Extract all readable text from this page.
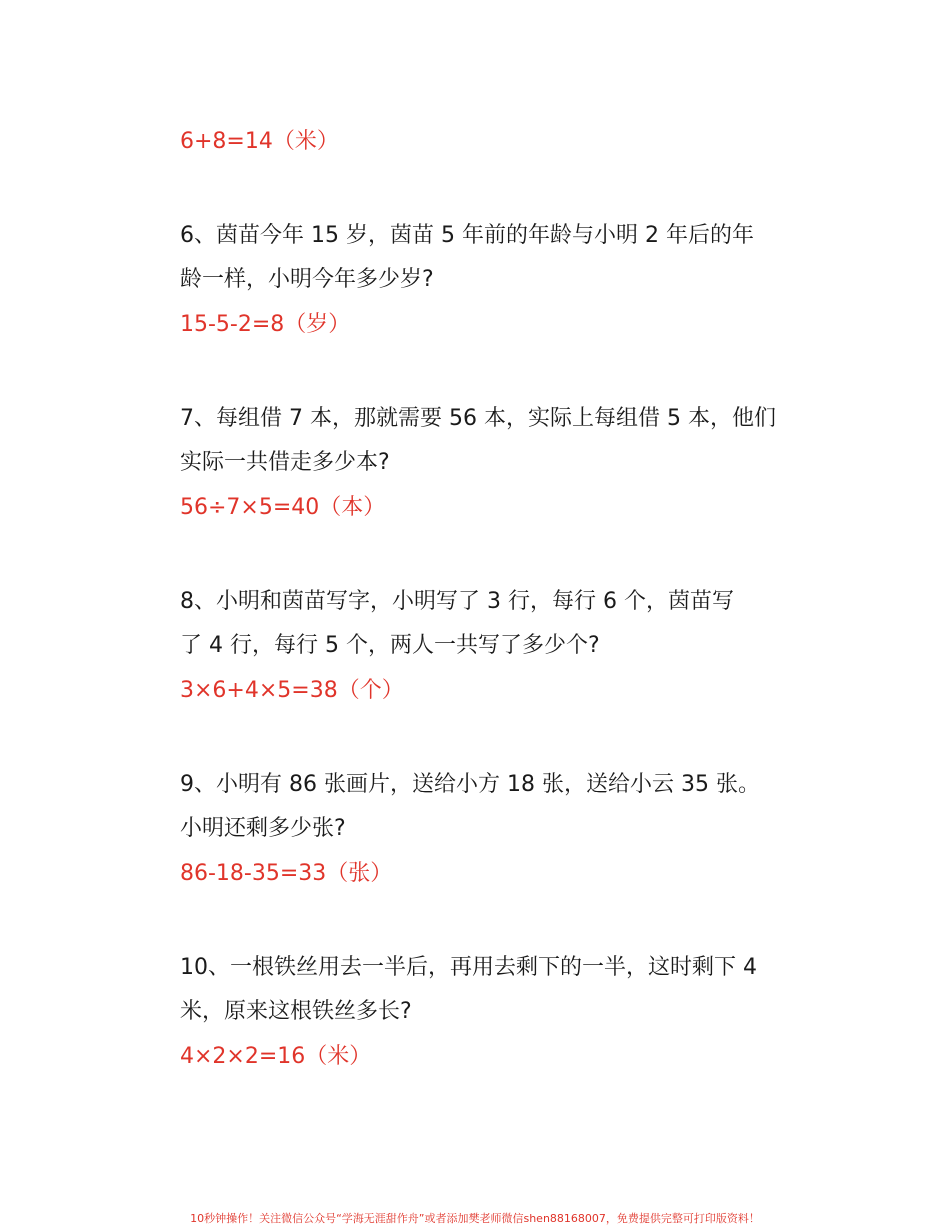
6+8=14（米）
6、茵苗今年 15 岁，茵苗 5 年前的年龄与小明 2 年后的年
龄一样，小明今年多少岁?
15-5-2=8（岁）
7、每组借 7 本，那就需要 56 本，实际上每组借 5 本，他们
实际一共借走多少本?
56÷7×5=40（本）
8、小明和茵苗写字，小明写了 3 行，每行 6 个，茵苗写
了 4 行，每行 5 个，两人一共写了多少个?
3×6+4×5=38（个）
9、小明有 86 张画片，送给小方 18 张，送给小云 35 张。
小明还剩多少张?
86-18-35=33（张）
10、一根铁丝用去一半后，再用去剩下的一半，这时剩下 4
米，原来这根铁丝多长?
4×2×2=16（米）
10秒钟操作！关注微信公众号“学海无涯甜作舟”或者添加樊老师微信shen88168007，免费提供完整可打印版资料！
